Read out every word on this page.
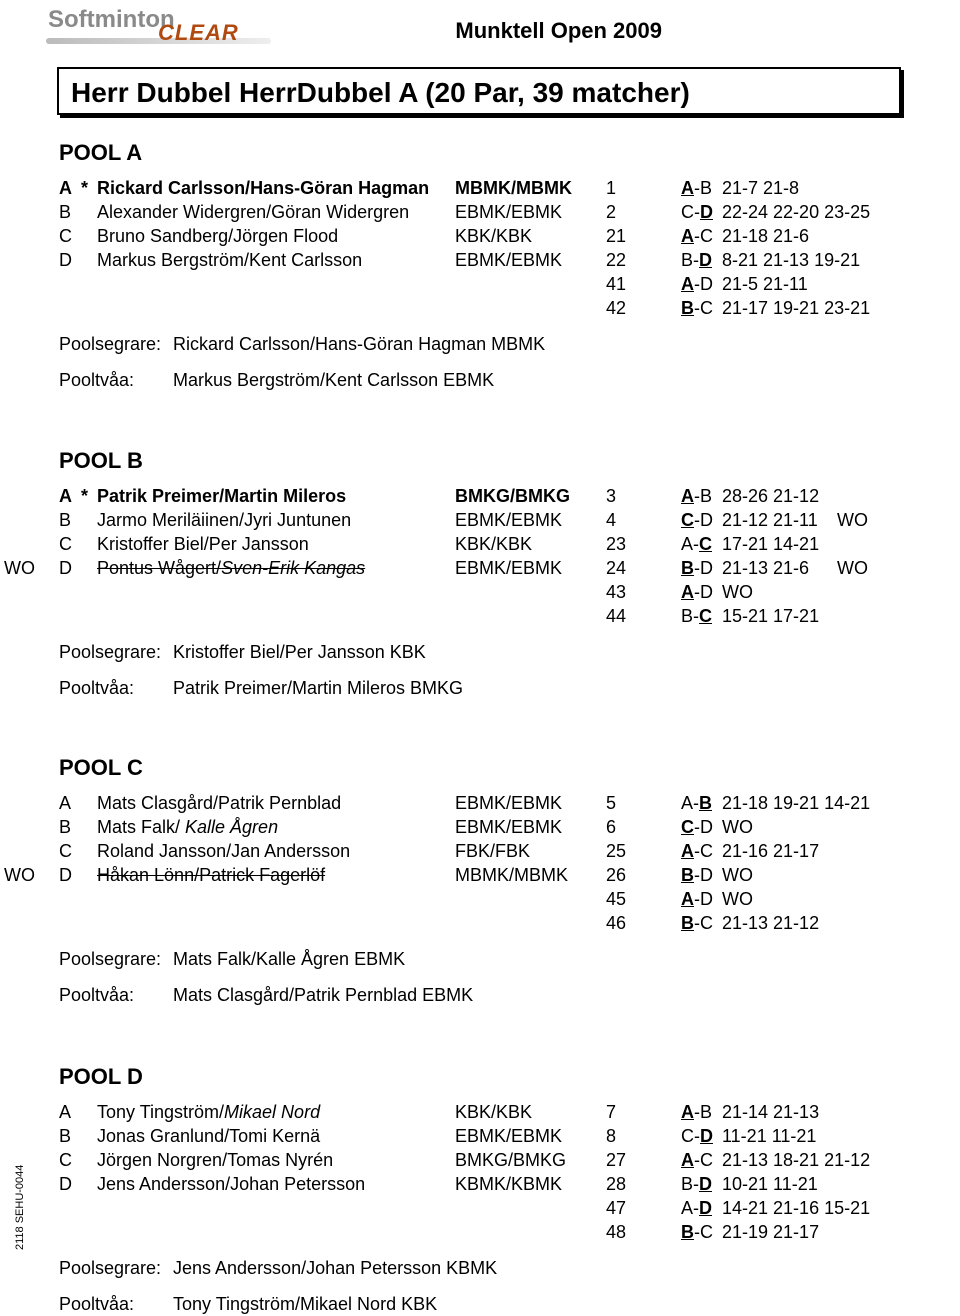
Softminton
CLEAR	Munktell Open 2009
Herr Dubbel HerrDubbel A (20 Par, 39 matcher)
POOL A
A * Rickard Carlsson/Hans-Göran Hagman MBMK/MBMK 1	A-B 21-7 21-8
B Alexander Widergren/Göran Widergren	EBMK/EBMK 2	C-D 22-24 22-20 23-25
C Bruno Sandberg/Jörgen Flood	KBK/KBK	21	A-C 21-18 21-6
D Markus Bergström/Kent Carlsson	EBMK/EBMK 22	B-D 8-21 21-13 19-21
41	A-D 21-5 21-11
42	B-C 21-17 19-21 23-21
Poolsegrare: Rickard Carlsson/Hans-Göran Hagman MBMK
Pooltvåa: Markus Bergström/Kent Carlsson EBMK
POOL B
A * Patrik Preimer/Martin Mileros	BMKG/BMKG 3	A-B 28-26 21-12
B Jarmo Meriläiinen/Jyri Juntunen	EBMK/EBMK 4	C-D 21-12 21-11 WO
C Kristoffer Biel/Per Jansson	KBK/KBK	23	A-C 17-21 14-21
WO D Pontus Wågert/Sven-Erik Kangas	EBMK/EBMK 24	B-D 21-13 21-6 WO
43	A-D WO
44	B-C 15-21 17-21
Poolsegrare: Kristoffer Biel/Per Jansson KBK
Pooltvåa: Patrik Preimer/Martin Mileros BMKG
POOL C
A Mats Clasgård/Patrik Pernblad	EBMK/EBMK 5	A-B 21-18 19-21 14-21
B Mats Falk/ Kalle Ågren	EBMK/EBMK 6	C-D WO
C Roland Jansson/Jan Andersson	FBK/FBK	25	A-C 21-16 21-17
WO D Håkan Lönn/Patrick Fagerlöf	MBMK/MBMK 26	B-D WO
45	A-D WO
46	B-C 21-13 21-12
Poolsegrare: Mats Falk/Kalle Ågren EBMK
Pooltvåa: Mats Clasgård/Patrik Pernblad EBMK
POOL D
A Tony Tingström/Mikael Nord	KBK/KBK	7	A-B 21-14 21-13
B Jonas Granlund/Tomi Kernä	EBMK/EBMK 8	C-D 11-21 11-21
C Jörgen Norgren/Tomas Nyrén	BMKG/BMKG 27	A-C 21-13 18-21 21-12
D Jens Andersson/Johan Petersson	KBMK/KBMK 28	B-D 10-21 11-21
47	A-D 14-21 21-16 15-21
48	B-C 21-19 21-17
Poolsegrare: Jens Andersson/Johan Petersson KBMK
Pooltvåa: Tony Tingström/Mikael Nord KBK
2118 SEHU-0044
